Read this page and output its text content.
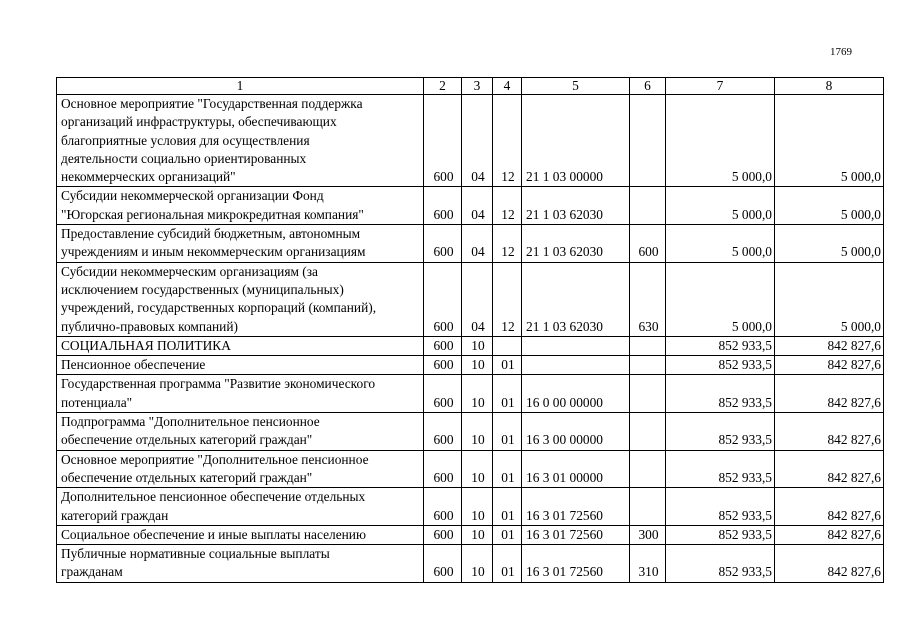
1769
1	2	3	4	5	6	7	8

Основное мероприятие "Государственная поддержка
организаций инфраструктуры, обеспечивающих
благоприятные условия для осуществления
деятельности социально ориентированных
некоммерческих организаций"	600	04	12	21 1 03 00000		5 000,0	5 000,0

Субсидии некоммерческой организации Фонд
"Югорская региональная микрокредитная компания"	600	04	12	21 1 03 62030		5 000,0	5 000,0

Предоставление субсидий бюджетным, автономным
учреждениям и иным некоммерческим организациям	600	04	12	21 1 03 62030	600	5 000,0	5 000,0

Субсидии некоммерческим организациям (за
исключением государственных (муниципальных)
учреждений, государственных корпораций (компаний),
публично-правовых компаний)	600	04	12	21 1 03 62030	630	5 000,0	5 000,0

СОЦИАЛЬНАЯ ПОЛИТИКА	600	10				852 933,5	842 827,6

Пенсионное обеспечение	600	10	01			852 933,5	842 827,6

Государственная программа "Развитие экономического
потенциала"	600	10	01	16 0 00 00000		852 933,5	842 827,6

Подпрограмма "Дополнительное пенсионное
обеспечение отдельных категорий граждан"	600	10	01	16 3 00 00000		852 933,5	842 827,6

Основное мероприятие "Дополнительное пенсионное
обеспечение отдельных категорий граждан"	600	10	01	16 3 01 00000		852 933,5	842 827,6

Дополнительное пенсионное обеспечение отдельных
категорий граждан	600	10	01	16 3 01 72560		852 933,5	842 827,6

Социальное обеспечение и иные выплаты населению	600	10	01	16 3 01 72560	300	852 933,5	842 827,6

Публичные нормативные социальные выплаты
гражданам	600	10	01	16 3 01 72560	310	852 933,5	842 827,6
